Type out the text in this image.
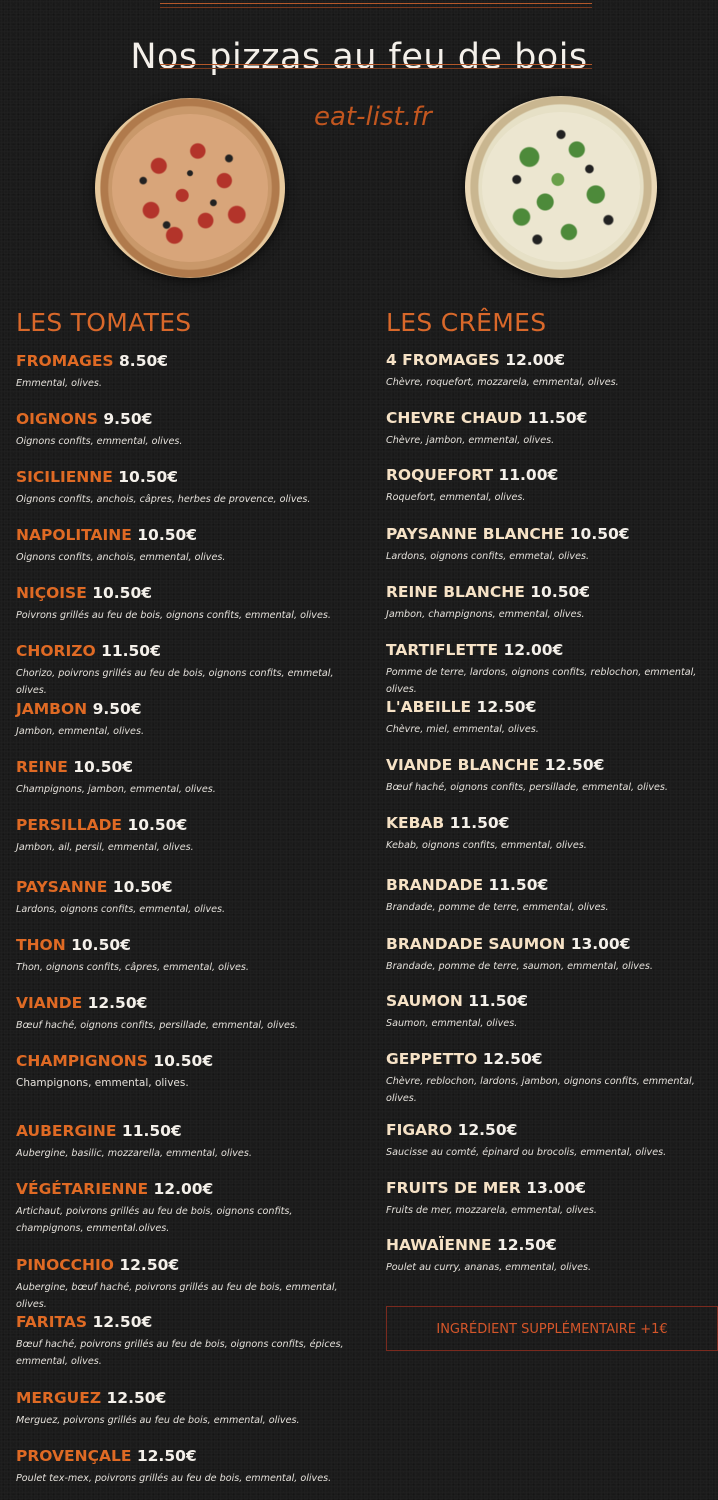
Nos pizzas au feu de bois
eat-list.fr
LES TOMATES
FROMAGES 8.50€
Emmental, olives.
OIGNONS 9.50€
Oignons confits, emmental, olives.
SICILIENNE 10.50€
Oignons confits, anchois, câpres, herbes de provence, olives.
NAPOLITAINE 10.50€
Oignons confits, anchois, emmental, olives.
NIÇOISE 10.50€
Poivrons grillés au feu de bois, oignons confits, emmental, olives.
CHORIZO 11.50€
Chorizo, poivrons grillés au feu de bois, oignons confits, emmetal, olives.
JAMBON 9.50€
Jambon, emmental, olives.
REINE 10.50€
Champignons, jambon, emmental, olives.
PERSILLADE 10.50€
Jambon, ail, persil, emmental, olives.
PAYSANNE 10.50€
Lardons, oignons confits, emmental, olives.
THON 10.50€
Thon, oignons confits, câpres, emmental, olives.
VIANDE 12.50€
Bœuf haché, oignons confits, persillade, emmental, olives.
CHAMPIGNONS 10.50€
Champignons, emmental, olives.
AUBERGINE 11.50€
Aubergine, basilic, mozzarella, emmental, olives.
VÉGÉTARIENNE 12.00€
Artichaut, poivrons grillés au feu de bois, oignons confits, champignons, emmental.olives.
PINOCCHIO 12.50€
Aubergine, bœuf haché, poivrons grillés au feu de bois, emmental, olives.
FARITAS 12.50€
Bœuf haché, poivrons grillés au feu de bois, oignons confits, épices, emmental, olives.
MERGUEZ 12.50€
Merguez, poivrons grillés au feu de bois, emmental, olives.
PROVENÇALE 12.50€
Poulet tex-mex, poivrons grillés au feu de bois, emmental, olives.
LES CRÊMES
4 FROMAGES 12.00€
Chèvre, roquefort, mozzarela, emmental, olives.
CHEVRE CHAUD 11.50€
Chèvre, jambon, emmental, olives.
ROQUEFORT 11.00€
Roquefort, emmental, olives.
PAYSANNE BLANCHE 10.50€
Lardons, oignons confits, emmetal, olives.
REINE BLANCHE 10.50€
Jambon, champignons, emmental, olives.
TARTIFLETTE 12.00€
Pomme de terre, lardons, oignons confits, reblochon, emmental, olives.
L'ABEILLE 12.50€
Chèvre, miel, emmental, olives.
VIANDE BLANCHE 12.50€
Bœuf haché, oignons confits, persillade, emmental, olives.
KEBAB 11.50€
Kebab, oignons confits, emmental, olives.
BRANDADE 11.50€
Brandade, pomme de terre, emmental, olives.
BRANDADE SAUMON 13.00€
Brandade, pomme de terre, saumon, emmental, olives.
SAUMON 11.50€
Saumon, emmental, olives.
GEPPETTO 12.50€
Chèvre, reblochon, lardons, jambon, oignons confits, emmental, olives.
FIGARO 12.50€
Saucisse au comté, épinard ou brocolis, emmental, olives.
FRUITS DE MER 13.00€
Fruits de mer, mozzarela, emmental, olives.
HAWAÏENNE 12.50€
Poulet au curry, ananas, emmental, olives.
INGRÉDIENT SUPPLÉMENTAIRE +1€
